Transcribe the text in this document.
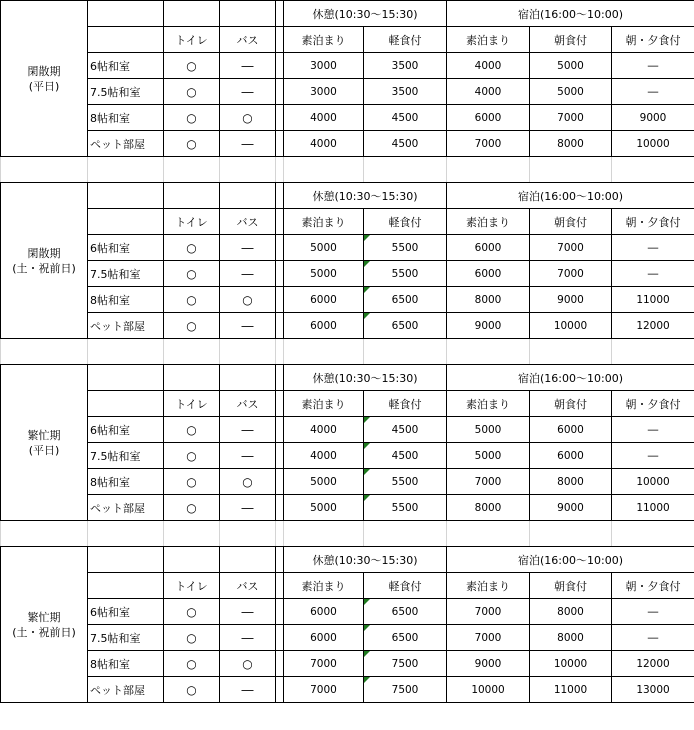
閑散期
(平日)					休憩(10:30〜15:30)		宿泊(16:00〜10:00)		
		トイレ	バス		素泊まり	軽食付	素泊まり	朝食付	朝・夕食付
	6帖和室	○	―		3000	3500	4000	5000	―
	7.5帖和室	○	―		3000	3500	4000	5000	―
	8帖和室	○	○		4000	4500	6000	7000	9000
	ペット部屋	○	―		4000	4500	7000	8000	10000

閑散期
(土・祝前日)					休憩(10:30〜15:30)		宿泊(16:00〜10:00)		
		トイレ	バス		素泊まり	軽食付	素泊まり	朝食付	朝・夕食付
	6帖和室	○	―		5000	5500	6000	7000	―
	7.5帖和室	○	―		5000	5500	6000	7000	―
	8帖和室	○	○		6000	6500	8000	9000	11000
	ペット部屋	○	―		6000	6500	9000	10000	12000

繁忙期
(平日)					休憩(10:30〜15:30)		宿泊(16:00〜10:00)		
		トイレ	バス		素泊まり	軽食付	素泊まり	朝食付	朝・夕食付
	6帖和室	○	―		4000	4500	5000	6000	―
	7.5帖和室	○	―		4000	4500	5000	6000	―
	8帖和室	○	○		5000	5500	7000	8000	10000
	ペット部屋	○	―		5000	5500	8000	9000	11000

繁忙期
(土・祝前日)					休憩(10:30〜15:30)		宿泊(16:00〜10:00)		
		トイレ	バス		素泊まり	軽食付	素泊まり	朝食付	朝・夕食付
	6帖和室	○	―		6000	6500	7000	8000	―
	7.5帖和室	○	―		6000	6500	7000	8000	―
	8帖和室	○	○		7000	7500	9000	10000	12000
	ペット部屋	○	―		7000	7500	10000	11000	13000
